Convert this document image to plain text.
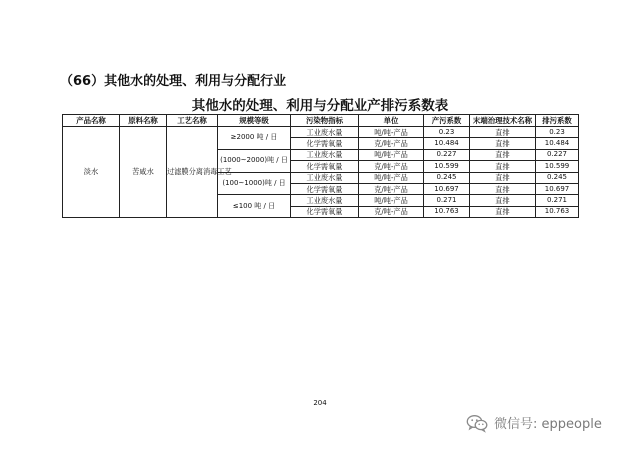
（66）其他水的处理、利用与分配行业
其他水的处理、利用与分配业产排污系数表
产品名称	原料名称	工艺名称	规模等级	污染物指标	单位	产污系数	末端治理技术名称	排污系数
淡水	苦咸水	过滤膜分离消毒工艺	≥2000 吨 / 日	工业废水量	吨/吨-产品	0.23	直排	0.23
				化学需氧量	克/吨-产品	10.484	直排	10.484
			(1000~2000)吨 / 日	工业废水量	吨/吨-产品	0.227	直排	0.227
				化学需氧量	克/吨-产品	10.599	直排	10.599
			(100~1000)吨 / 日	工业废水量	吨/吨-产品	0.245	直排	0.245
				化学需氧量	克/吨-产品	10.697	直排	10.697
			≤100 吨 / 日	工业废水量	吨/吨-产品	0.271	直排	0.271
				化学需氧量	克/吨-产品	10.763	直排	10.763
204
微信号: eppeople
